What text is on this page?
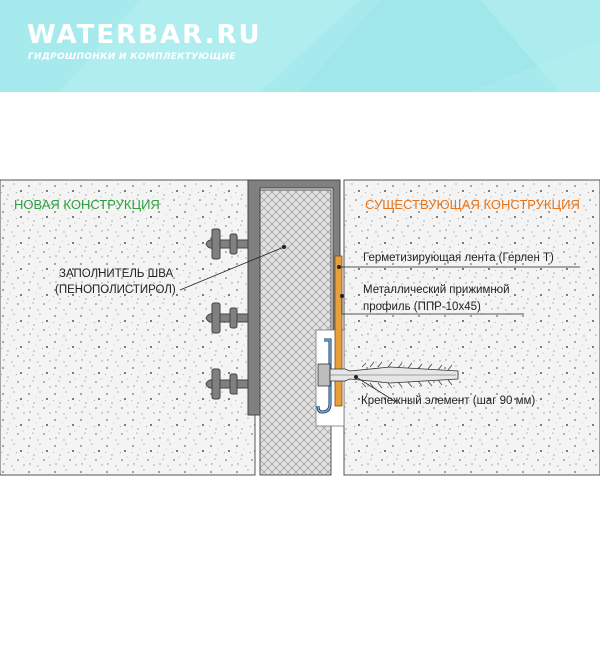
WATERBAR.RU
ГИДРОШПОНКИ И КОМПЛЕКТУЮЩИЕ
НОВАЯ КОНСТРУКЦИЯ	СУЩЕСТВУЮЩАЯ КОНСТРУКЦИЯ
ЗАПОЛНИТЕЛЬ ШВА
(ПЕНОПОЛИСТИРОЛ)
Герметизирующая лента (Герлен Т)
Металлический прижимной
профиль (ППР-10х45)
Крепежный элемент (шаг 90 мм)
